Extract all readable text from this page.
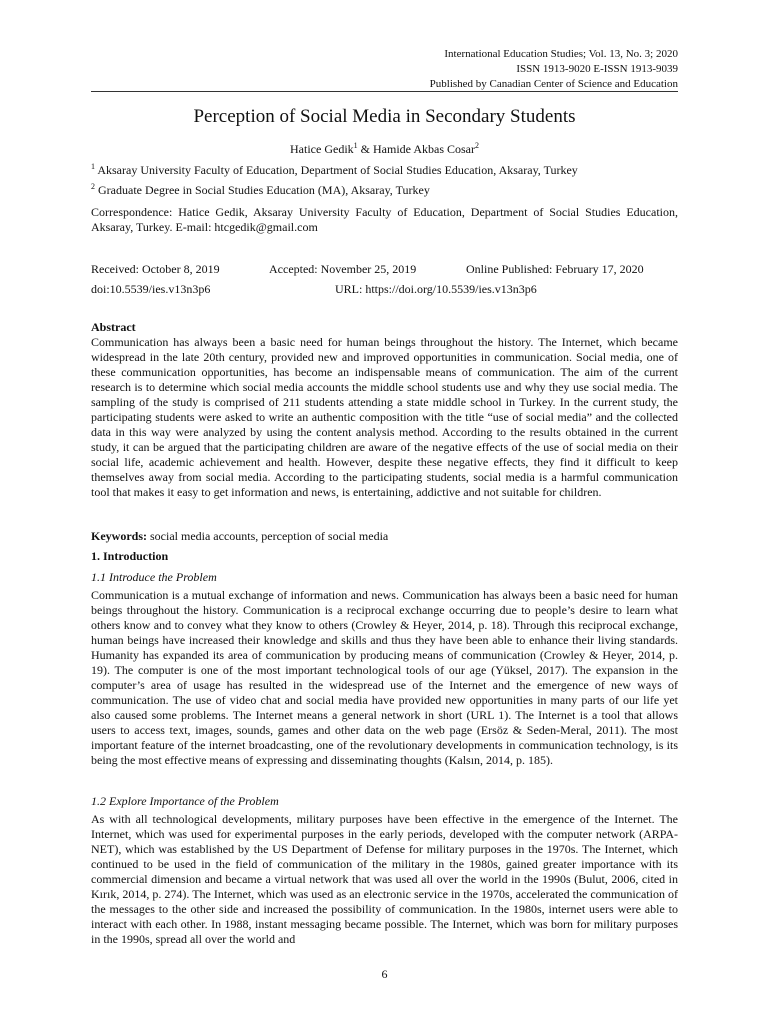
International Education Studies; Vol. 13, No. 3; 2020
ISSN 1913-9020 E-ISSN 1913-9039
Published by Canadian Center of Science and Education
Perception of Social Media in Secondary Students
Hatice Gedik$^1$ & Hamide Akbas Cosar$^2$
$^1$ Aksaray University Faculty of Education, Department of Social Studies Education, Aksaray, Turkey
$^2$ Graduate Degree in Social Studies Education (MA), Aksaray, Turkey
Correspondence: Hatice Gedik, Aksaray University Faculty of Education, Department of Social Studies Education, Aksaray, Turkey. E-mail: htcgedik@gmail.com
Received: October 8, 2019	Accepted: November 25, 2019	Online Published: February 17, 2020
doi:10.5539/ies.v13n3p6	URL: https://doi.org/10.5539/ies.v13n3p6
Abstract
Communication has always been a basic need for human beings throughout the history. The Internet, which became widespread in the late 20th century, provided new and improved opportunities in communication. Social media, one of these communication opportunities, has become an indispensable means of communication. The aim of the current research is to determine which social media accounts the middle school students use and why they use social media. The sampling of the study is comprised of 211 students attending a state middle school in Turkey. In the current study, the participating students were asked to write an authentic composition with the title “use of social media” and the collected data in this way were analyzed by using the content analysis method. According to the results obtained in the current study, it can be argued that the participating children are aware of the negative effects of the use of social media on their social life, academic achievement and health. However, despite these negative effects, they find it difficult to keep themselves away from social media. According to the participating students, social media is a harmful communication tool that makes it easy to get information and news, is entertaining, addictive and not suitable for children.
Keywords: social media accounts, perception of social media
1. Introduction
1.1 Introduce the Problem
Communication is a mutual exchange of information and news. Communication has always been a basic need for human beings throughout the history. Communication is a reciprocal exchange occurring due to people’s desire to learn what others know and to convey what they know to others (Crowley & Heyer, 2014, p. 18). Through this reciprocal exchange, human beings have increased their knowledge and skills and thus they have been able to enhance their living standards. Humanity has expanded its area of communication by producing means of communication (Crowley & Heyer, 2014, p. 19). The computer is one of the most important technological tools of our age (Yüksel, 2017). The expansion in the computer’s area of usage has resulted in the widespread use of the Internet and the emergence of new ways of communication. The use of video chat and social media have provided new opportunities in many parts of our life yet also caused some problems. The Internet means a general network in short (URL 1). The Internet is a tool that allows users to access text, images, sounds, games and other data on the web page (Ersöz & Seden-Meral, 2011). The most important feature of the internet broadcasting, one of the revolutionary developments in communication technology, is its being the most effective means of expressing and disseminating thoughts (Kalsın, 2014, p. 185).
1.2 Explore Importance of the Problem
As with all technological developments, military purposes have been effective in the emergence of the Internet. The Internet, which was used for experimental purposes in the early periods, developed with the computer network (ARPA-NET), which was established by the US Department of Defense for military purposes in the 1970s. The Internet, which continued to be used in the field of communication of the military in the 1980s, gained greater importance with its commercial dimension and became a virtual network that was used all over the world in the 1990s (Bulut, 2006, cited in Kırık, 2014, p. 274). The Internet, which was used as an electronic service in the 1970s, accelerated the communication of the messages to the other side and increased the possibility of communication. In the 1980s, internet users were able to interact with each other. In 1988, instant messaging became possible. The Internet, which was born for military purposes in the 1990s, spread all over the world and
6
